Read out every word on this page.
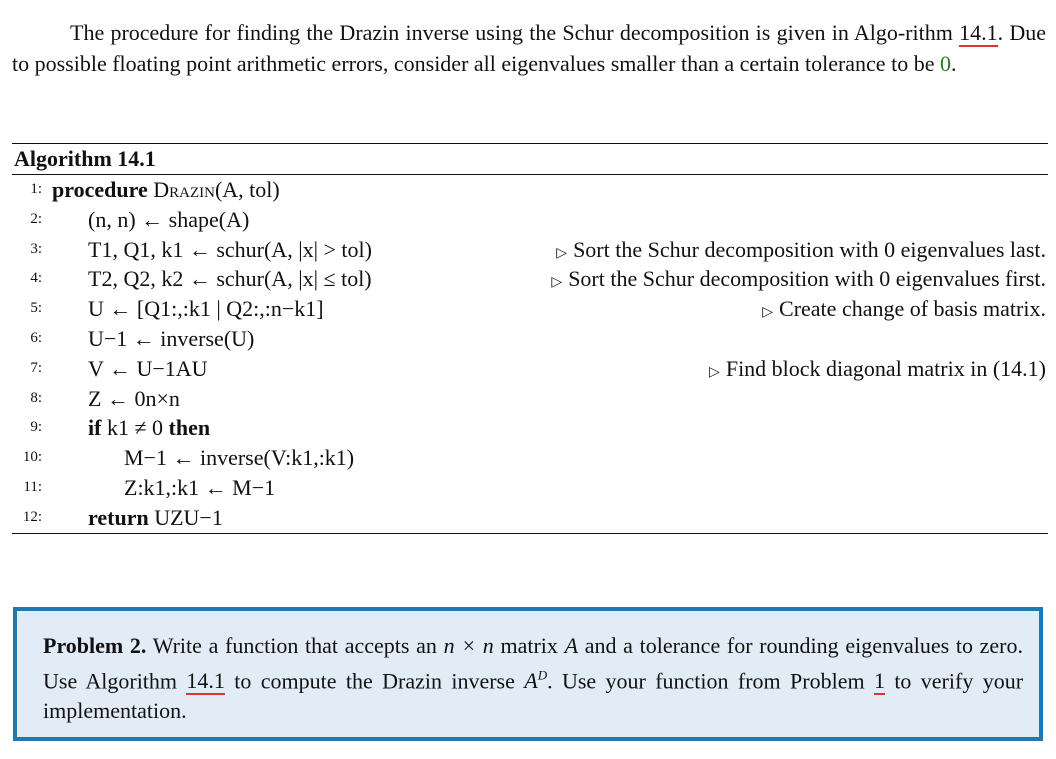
The procedure for finding the Drazin inverse using the Schur decomposition is given in Algo-rithm 14.1. Due to possible floating point arithmetic errors, consider all eigenvalues smaller than a certain tolerance to be 0.

Algorithm 14.1
1: procedure Drazin(A, tol)
2: (n, n) ← shape(A)
3: T1, Q1, k1 ← schur(A, |x| > tol)	▷ Sort the Schur decomposition with 0 eigenvalues last.
4: T2, Q2, k2 ← schur(A, |x| ≤ tol)	▷ Sort the Schur decomposition with 0 eigenvalues first.
5: U ← [Q1:,:k1 | Q2:,:n−k1]	▷ Create change of basis matrix.
6: U−1 ← inverse(U)
7: V ← U−1AU	▷ Find block diagonal matrix in (14.1)
8: Z ← 0n×n
9: if k1 ≠ 0 then
10:	M−1 ← inverse(V:k1,:k1)
11:	Z:k1,:k1 ← M−1
12: return UZU−1

Problem 2. Write a function that accepts an n × n matrix A and a tolerance for rounding eigenvalues to zero. Use Algorithm 14.1 to compute the Drazin inverse $A^D$. Use your function from Problem 1 to verify your implementation.
